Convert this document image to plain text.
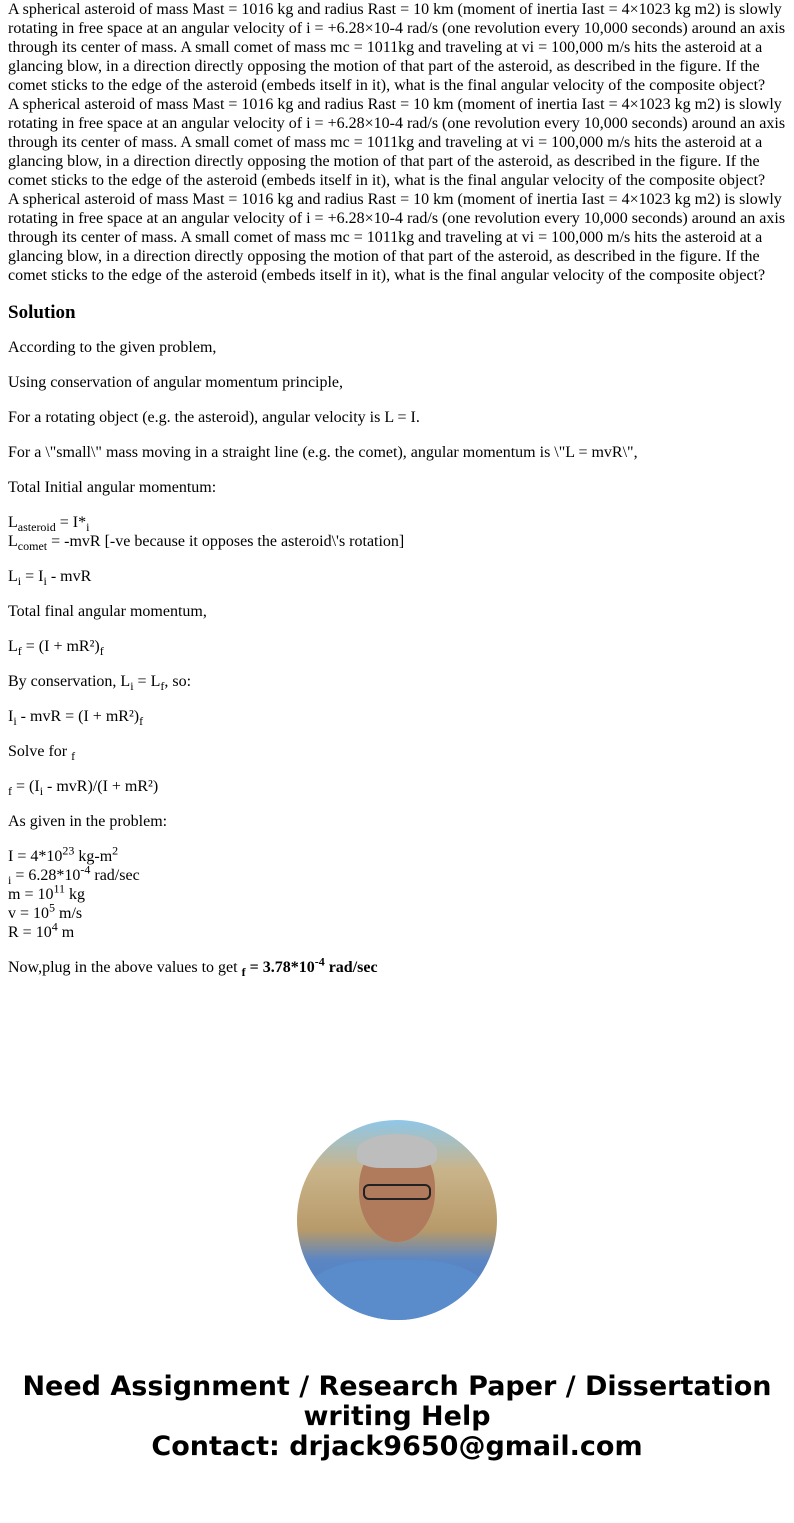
A spherical asteroid of mass Mast = 1016 kg and radius Rast = 10 km (moment of inertia Iast = 4×1023 kg m2) is slowly rotating in free space at an angular velocity of i = +6.28×10-4 rad/s (one revolution every 10,000 seconds) around an axis through its center of mass. A small comet of mass mc = 1011kg and traveling at vi = 100,000 m/s hits the asteroid at a glancing blow, in a direction directly opposing the motion of that part of the asteroid, as described in the figure. If the comet sticks to the edge of the asteroid (embeds itself in it), what is the final angular velocity of the composite object?

A spherical asteroid of mass Mast = 1016 kg and radius Rast = 10 km (moment of inertia Iast = 4×1023 kg m2) is slowly rotating in free space at an angular velocity of i = +6.28×10-4 rad/s (one revolution every 10,000 seconds) around an axis through its center of mass. A small comet of mass mc = 1011kg and traveling at vi = 100,000 m/s hits the asteroid at a glancing blow, in a direction directly opposing the motion of that part of the asteroid, as described in the figure. If the comet sticks to the edge of the asteroid (embeds itself in it), what is the final angular velocity of the composite object?

A spherical asteroid of mass Mast = 1016 kg and radius Rast = 10 km (moment of inertia Iast = 4×1023 kg m2) is slowly rotating in free space at an angular velocity of i = +6.28×10-4 rad/s (one revolution every 10,000 seconds) around an axis through its center of mass. A small comet of mass mc = 1011kg and traveling at vi = 100,000 m/s hits the asteroid at a glancing blow, in a direction directly opposing the motion of that part of the asteroid, as described in the figure. If the comet sticks to the edge of the asteroid (embeds itself in it), what is the final angular velocity of the composite object?

Solution

According to the given problem,

Using conservation of angular momentum principle,

For a rotating object (e.g. the asteroid), angular velocity is L = I.

For a \"small\" mass moving in a straight line (e.g. the comet), angular momentum is \"L = mvR\",

Total Initial angular momentum:

$L_{asteroid} = I*_i$
$L_{comet} = -mvR$ [-ve because it opposes the asteroid\'s rotation]

$L_i = I_i$ - mvR

Total final angular momentum,

$L_f = (I + mR^2)_f$

By conservation, $L_i = L_f$, so:

$I_i$ - mvR = $(I + mR^2)_f$

Solve for $_f$

$_f = (I_i - mvR)/(I + mR^2)$

As given in the problem:

$I = 4*10^{23}$ $kg-m^2$
$_i = 6.28*10^{-4}$ rad/sec
$m = 10^{11}$ kg
$v = 10^5$ m/s
$R = 10^4$ m

Now,plug in the above values to get $_f = 3.78*10^{-4}$ rad/sec

Need Assignment / Research Paper / Dissertation writing Help
Contact: drjack9650@gmail.com
